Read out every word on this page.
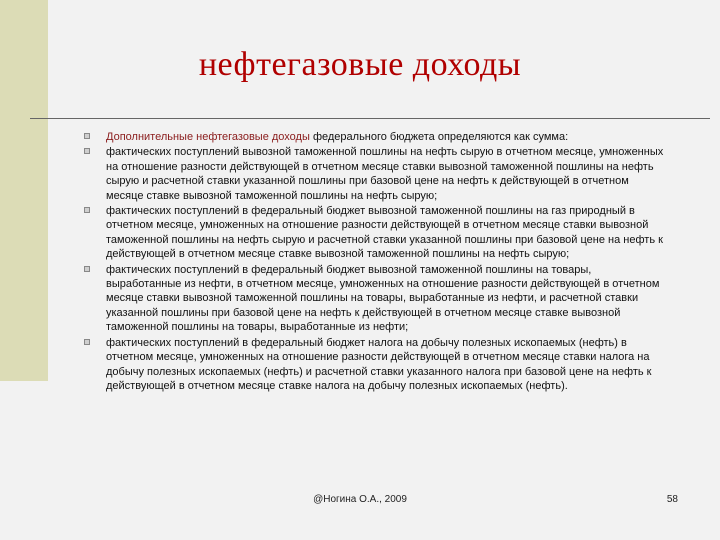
нефтегазовые доходы
Дополнительные нефтегазовые доходы федерального бюджета определяются как сумма:
фактических поступлений вывозной таможенной пошлины на нефть сырую в отчетном месяце, умноженных на отношение разности действующей в отчетном месяце ставки вывозной таможенной пошлины на нефть сырую и расчетной ставки указанной пошлины при базовой цене на нефть к действующей в отчетном месяце ставке вывозной таможенной пошлины на нефть сырую;
фактических поступлений в федеральный бюджет вывозной таможенной пошлины на газ природный в отчетном месяце, умноженных на отношение разности действующей в отчетном месяце ставки вывозной таможенной пошлины на нефть сырую и расчетной ставки указанной пошлины при базовой цене на нефть к действующей в отчетном месяце ставке вывозной таможенной пошлины на нефть сырую;
фактических поступлений в федеральный бюджет вывозной таможенной пошлины на товары, выработанные из нефти, в отчетном месяце, умноженных на отношение разности действующей в отчетном месяце ставки вывозной таможенной пошлины на товары, выработанные из нефти, и расчетной ставки указанной пошлины при базовой цене на нефть к действующей в отчетном месяце ставке вывозной таможенной пошлины на товары, выработанные из нефти;
фактических поступлений в федеральный бюджет налога на добычу полезных ископаемых (нефть) в отчетном месяце, умноженных на отношение разности действующей в отчетном месяце ставки налога на добычу полезных ископаемых (нефть) и расчетной ставки указанного налога при базовой цене на нефть к действующей в отчетном месяце ставке налога на добычу полезных ископаемых (нефть).
@Ногина О.А., 2009	58
